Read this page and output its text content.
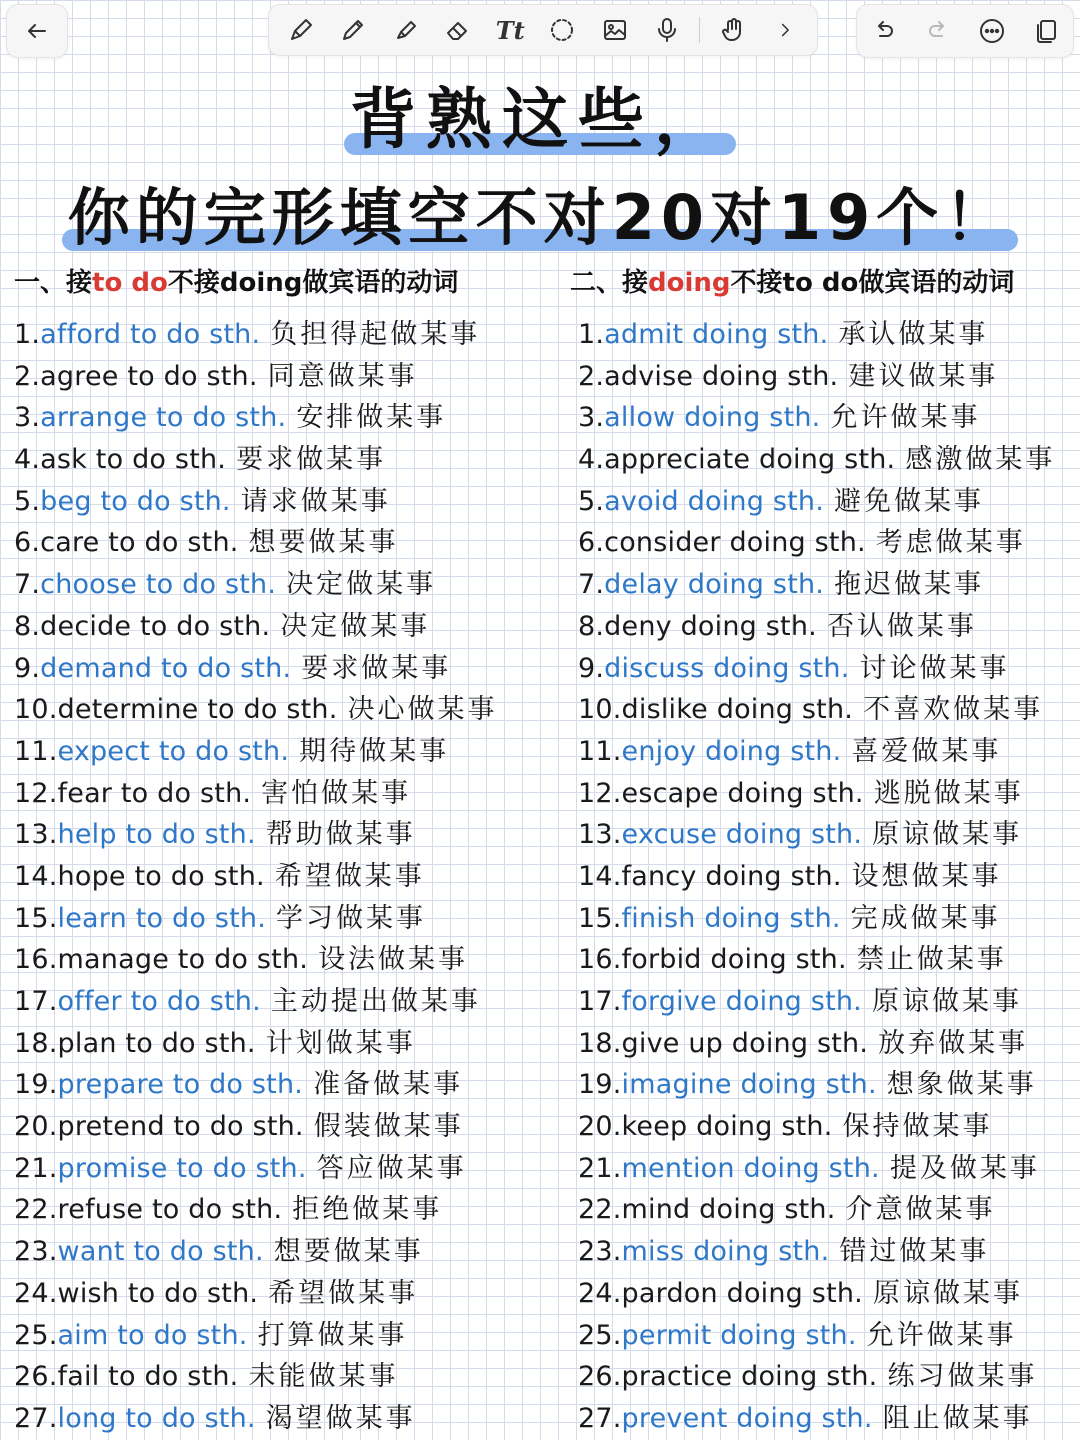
Tt
背熟这些，
你的完形填空不对20对19个！
一、接to do不接doing做宾语的动词	二、接doing不接to do做宾语的动词
1.afford to do sth. 负担得起做某事
2.agree to do sth. 同意做某事
3.arrange to do sth. 安排做某事
4.ask to do sth. 要求做某事
5.beg to do sth. 请求做某事
6.care to do sth. 想要做某事
7.choose to do sth. 决定做某事
8.decide to do sth. 决定做某事
9.demand to do sth. 要求做某事
10.determine to do sth. 决心做某事
11.expect to do sth. 期待做某事
12.fear to do sth. 害怕做某事
13.help to do sth. 帮助做某事
14.hope to do sth. 希望做某事
15.learn to do sth. 学习做某事
16.manage to do sth. 设法做某事
17.offer to do sth. 主动提出做某事
18.plan to do sth. 计划做某事
19.prepare to do sth. 准备做某事
20.pretend to do sth. 假装做某事
21.promise to do sth. 答应做某事
22.refuse to do sth. 拒绝做某事
23.want to do sth. 想要做某事
24.wish to do sth. 希望做某事
25.aim to do sth. 打算做某事
26.fail to do sth. 未能做某事
27.long to do sth. 渴望做某事
1.admit doing sth. 承认做某事
2.advise doing sth. 建议做某事
3.allow doing sth. 允许做某事
4.appreciate doing sth. 感激做某事
5.avoid doing sth. 避免做某事
6.consider doing sth. 考虑做某事
7.delay doing sth. 拖迟做某事
8.deny doing sth. 否认做某事
9.discuss doing sth. 讨论做某事
10.dislike doing sth. 不喜欢做某事
11.enjoy doing sth. 喜爱做某事
12.escape doing sth. 逃脱做某事
13.excuse doing sth. 原谅做某事
14.fancy doing sth. 设想做某事
15.finish doing sth. 完成做某事
16.forbid doing sth. 禁止做某事
17.forgive doing sth. 原谅做某事
18.give up doing sth. 放弃做某事
19.imagine doing sth. 想象做某事
20.keep doing sth. 保持做某事
21.mention doing sth. 提及做某事
22.mind doing sth. 介意做某事
23.miss doing sth. 错过做某事
24.pardon doing sth. 原谅做某事
25.permit doing sth. 允许做某事
26.practice doing sth. 练习做某事
27.prevent doing sth. 阻止做某事
